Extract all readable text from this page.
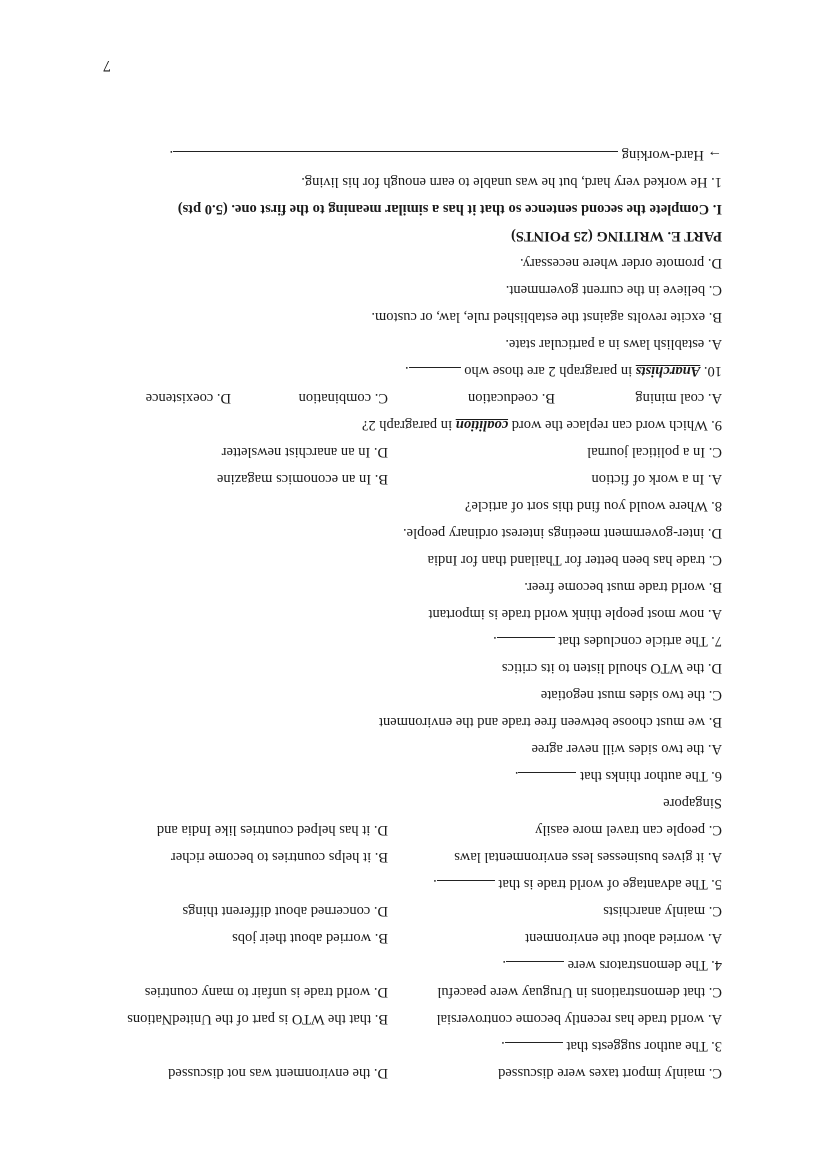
C. mainly import taxes were discussed
D. the environment was not discussed
3. The author suggests that .
A. world trade has recently become controversial
B. that the WTO is part of the UnitedNations
C. that demonstrations in Uruguay were peaceful
D. world trade is unfair to many countries
4. The demonstrators were .
A. worried about the environment
B. worried about their jobs
C. mainly anarchists
D. concerned about different things
5. The advantage of world trade is that .
A. it gives businesses less environmental laws
B. it helps countries to become richer
C. people can travel more easily
D. it has helped countries like India and
Singapore
6. The author thinks that .
A. the two sides will never agree
B. we must choose between free trade and the environment
C. the two sides must negotiate
D. the WTO should listen to its critics
7. The article concludes that .
A. now most people think world trade is important
B. world trade must become freer.
C. trade has been better for Thailand than for India
D. inter-government meetings interest ordinary people.
8. Where would you find this sort of article?
A. In a work of fiction
B. In an economics magazine
C. In a political journal
D. In an anarchist newsletter
9. Which word can replace the word coalition in paragraph 2?
A. coal mining
B. coeducation
C. combination
D. coexistence
10. Anarchists in paragraph 2 are those who .
A. establish laws in a particular state.
B. excite revolts against the established rule, law, or custom.
C. believe in the current government.
D. promote order where necessary.
PART E. WRITING (25 POINTS)
I. Complete the second sentence so that it has a similar meaning to the first one. (5.0 pts)
1. He worked very hard, but he was unable to earn enough for his living.
→ Hard-working .
7
